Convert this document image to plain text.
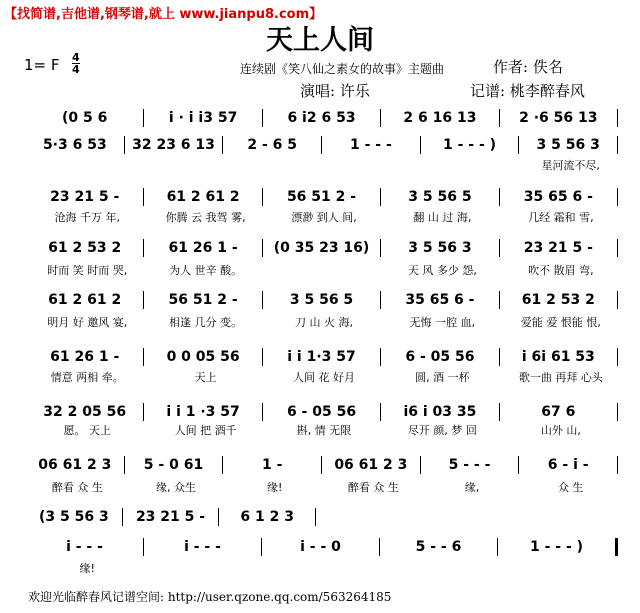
【找简谱,吉他谱,钢琴谱,就上 www.jianpu8.com】
天上人间
1= F 4
4	连续剧《笑八仙之素女的故事》主题曲	作者: 佚名
演唱: 许乐	记谱: 桃李醉春风
(0 5 6	i · i i3 57	6 i2 6 53	2 6 16 13	2 ·6 56 13
5·3 6 53	32 23 6 13	2 - 6 5	1 - - -	1 - - - )	3 5 56 3
星河流不尽,
23 21 5 -	61 2 61 2	56 51 2 -	3 5 56 5	35 65 6 -
沧海 千万 年,	你腾 云 我驾 雾,	漂渺 到人 间,	翻 山 过 海,	几经 霜和 雪,
61 2 53 2	61 26 1 -	(0 35 23 16)	3 5 56 3	23 21 5 -
时而 笑 时而 哭,	为人 世辛 酸。	天 风 多少 怨,	吹不 散眉 弯,
61 2 61 2	56 51 2 -	3 5 56 5	35 65 6 -	61 2 53 2
明月 好 邀风 宴,	相逢 几分 变。	刀 山 火 海,	无悔 一腔 血,	爱能 爱 恨能 恨,
61 26 1 -	0 0 05 56	i i 1·3 57	6 - 05 56	i 6i 61 53
情意 两相 牵。	天上	人间 花 好月	圆, 酒 一杯	歌一曲 再拜 心头
32 2 05 56	i i 1 ·3 57	6 - 05 56	i6 i 03 35	67 6
愿。 天上	人间 把 酒千	斟, 情 无限	尽开 颜, 梦 回	山外 山,
06 61 2 3	5 - 0 61	1 -	06 61 2 3	5 - - -	6 - i -
醉看 众 生	缘, 众生	缘!	醉看 众 生	缘,	众 生
(3 5 56 3	23 21 5 -	6 1 2 3
i - - -	i - - -	i - - 0	5 - - 6	1 - - - )
缘!
欢迎光临醉春风记谱空间: http://user.qzone.qq.com/563264185
